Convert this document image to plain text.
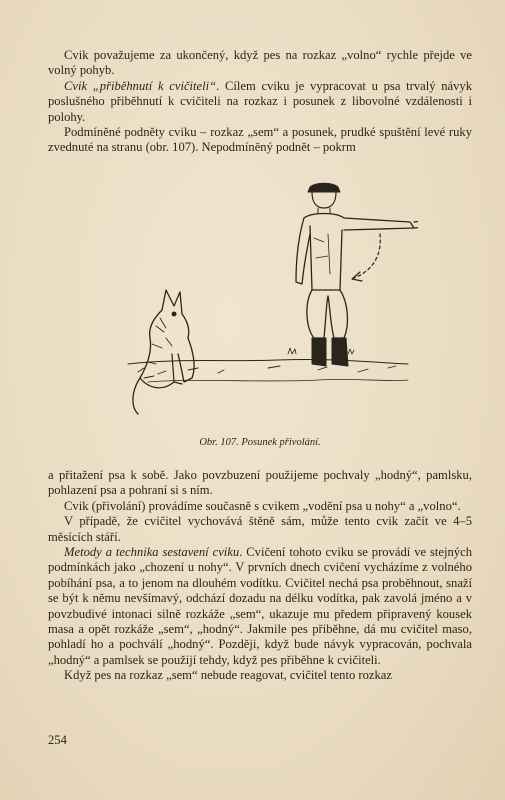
Cvik považujeme za ukončený, když pes na rozkaz „volno“ rychle přejde ve volný pohyb.

Cvik „přiběhnutí k cvičiteli“. Cílem cviku je vypracovat u psa trvalý návyk poslušného přiběhnutí k cvičiteli na rozkaz i posunek z libovolné vzdálenosti i polohy.

Podmíněné podněty cviku – rozkaz „sem“ a posunek, prudké spuštění levé ruky zvednuté na stranu (obr. 107). Nepodmíněný podnět – pokrm

Obr. 107. Posunek přivolání.

a přitažení psa k sobě. Jako povzbuzení použijeme pochvaly „hodný“, pamlsku, pohlazení psa a pohraní si s ním.

Cvik (přivolání) provádíme současně s cvikem „vodění psa u nohy“ a „volno“.

V případě, že cvičitel vychovává štěně sám, může tento cvik začít ve 4–5 měsících stáří.

Metody a technika sestavení cviku. Cvičení tohoto cviku se provádí ve stejných podmínkách jako „chození u nohy“. V prvních dnech cvičení vycházíme z volného pobíhání psa, a to jenom na dlouhém vodítku. Cvičitel nechá psa proběhnout, snaží se být k němu nevšímavý, odchází dozadu na délku vodítka, pak zavolá jméno a v povzbudivé intonaci silně rozkáže „sem“, ukazuje mu předem připravený kousek masa a opět rozkáže „sem“, „hodný“. Jakmile pes přiběhne, dá mu cvičitel maso, pohladí ho a pochválí „hodný“. Později, když bude návyk vypracován, pochvala „hodný“ a pamlsek se použijí tehdy, když pes přiběhne k cvičiteli.

Když pes na rozkaz „sem“ nebude reagovat, cvičitel tento rozkaz

254
